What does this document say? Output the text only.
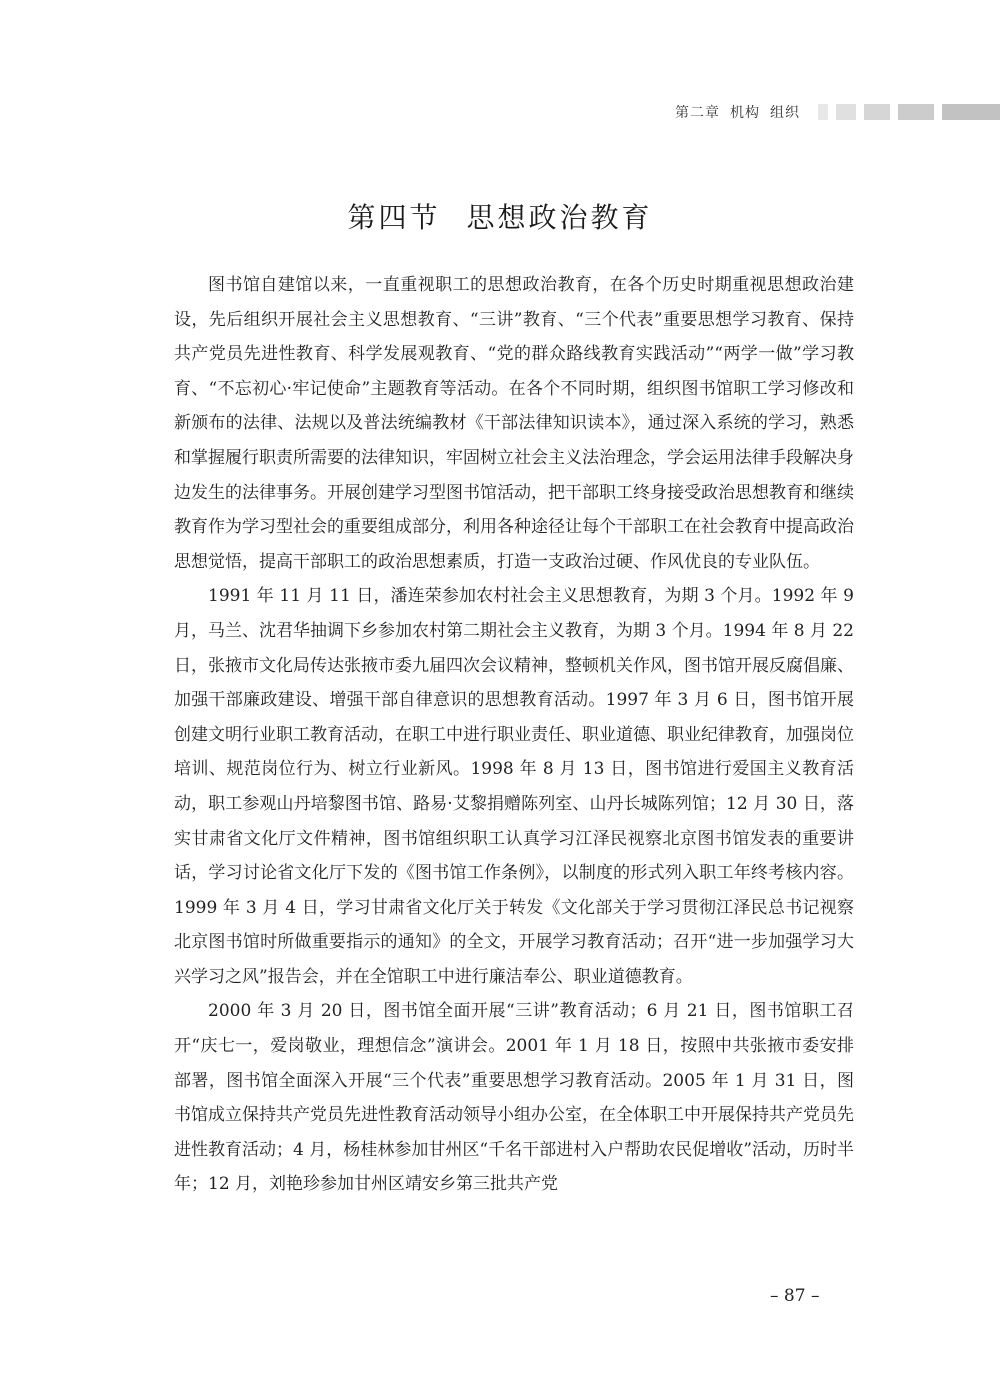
第二章 机构 组织
第四节 思想政治教育

图书馆自建馆以来，一直重视职工的思想政治教育，在各个历史时期重视思想政治建设，先后组织开展社会主义思想教育、“三讲”教育、“三个代表”重要思想学习教育、保持共产党员先进性教育、科学发展观教育、“党的群众路线教育实践活动”“两学一做”学习教育、“不忘初心·牢记使命”主题教育等活动。在各个不同时期，组织图书馆职工学习修改和新颁布的法律、法规以及普法统编教材《干部法律知识读本》，通过深入系统的学习，熟悉和掌握履行职责所需要的法律知识，牢固树立社会主义法治理念，学会运用法律手段解决身边发生的法律事务。开展创建学习型图书馆活动，把干部职工终身接受政治思想教育和继续教育作为学习型社会的重要组成部分，利用各种途径让每个干部职工在社会教育中提高政治思想觉悟，提高干部职工的政治思想素质，打造一支政治过硬、作风优良的专业队伍。

1991 年 11 月 11 日，潘连荣参加农村社会主义思想教育，为期 3 个月。1992 年 9 月，马兰、沈君华抽调下乡参加农村第二期社会主义教育，为期 3 个月。1994 年 8 月 22 日，张掖市文化局传达张掖市委九届四次会议精神，整顿机关作风，图书馆开展反腐倡廉、加强干部廉政建设、增强干部自律意识的思想教育活动。1997 年 3 月 6 日，图书馆开展创建文明行业职工教育活动，在职工中进行职业责任、职业道德、职业纪律教育，加强岗位培训、规范岗位行为、树立行业新风。1998 年 8 月 13 日，图书馆进行爱国主义教育活动，职工参观山丹培黎图书馆、路易·艾黎捐赠陈列室、山丹长城陈列馆；12 月 30 日，落实甘肃省文化厅文件精神，图书馆组织职工认真学习江泽民视察北京图书馆发表的重要讲话，学习讨论省文化厅下发的《图书馆工作条例》，以制度的形式列入职工年终考核内容。1999 年 3 月 4 日，学习甘肃省文化厅关于转发《文化部关于学习贯彻江泽民总书记视察北京图书馆时所做重要指示的通知》的全文，开展学习教育活动；召开“进一步加强学习大兴学习之风”报告会，并在全馆职工中进行廉洁奉公、职业道德教育。

2000 年 3 月 20 日，图书馆全面开展“三讲”教育活动；6 月 21 日，图书馆职工召开“庆七一，爱岗敬业，理想信念”演讲会。2001 年 1 月 18 日，按照中共张掖市委安排部署，图书馆全面深入开展“三个代表”重要思想学习教育活动。2005 年 1 月 31 日，图书馆成立保持共产党员先进性教育活动领导小组办公室，在全体职工中开展保持共产党员先进性教育活动；4 月，杨桂林参加甘州区“千名干部进村入户帮助农民促增收”活动，历时半年；12 月，刘艳珍参加甘州区靖安乡第三批共产党

– 87 –
